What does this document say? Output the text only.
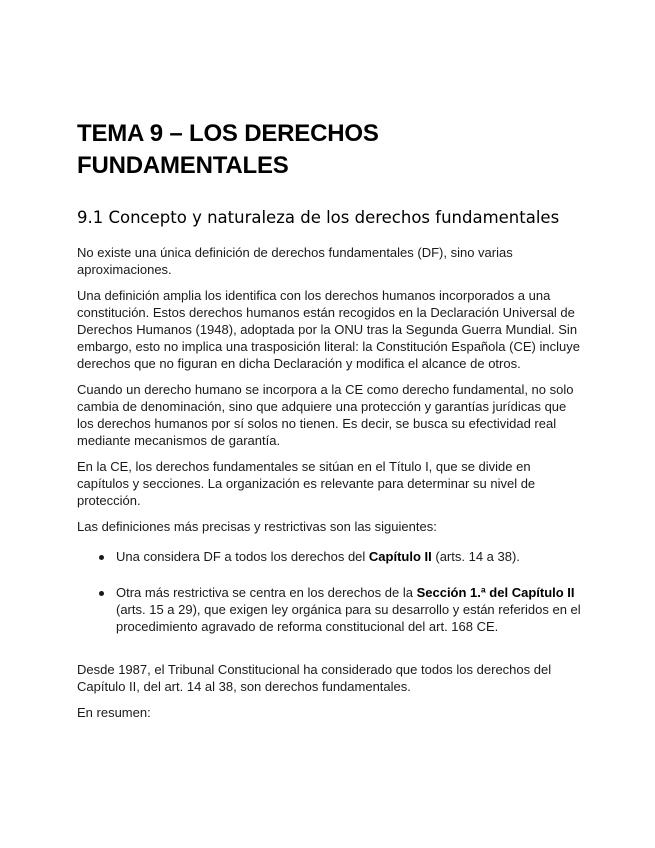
TEMA 9 – LOS DERECHOS FUNDAMENTALES
9.1 Concepto y naturaleza de los derechos fundamentales

No existe una única definición de derechos fundamentales (DF), sino varias aproximaciones.

Una definición amplia los identifica con los derechos humanos incorporados a una constitución. Estos derechos humanos están recogidos en la Declaración Universal de Derechos Humanos (1948), adoptada por la ONU tras la Segunda Guerra Mundial. Sin embargo, esto no implica una trasposición literal: la Constitución Española (CE) incluye derechos que no figuran en dicha Declaración y modifica el alcance de otros.

Cuando un derecho humano se incorpora a la CE como derecho fundamental, no solo cambia de denominación, sino que adquiere una protección y garantías jurídicas que los derechos humanos por sí solos no tienen. Es decir, se busca su efectividad real mediante mecanismos de garantía.

En la CE, los derechos fundamentales se sitúan en el Título I, que se divide en capítulos y secciones. La organización es relevante para determinar su nivel de protección.

Las definiciones más precisas y restrictivas son las siguientes:

Una considera DF a todos los derechos del Capítulo II (arts. 14 a 38).
Otra más restrictiva se centra en los derechos de la Sección 1.ª del Capítulo II (arts. 15 a 29), que exigen ley orgánica para su desarrollo y están referidos en el procedimiento agravado de reforma constitucional del art. 168 CE.

Desde 1987, el Tribunal Constitucional ha considerado que todos los derechos del Capítulo II, del art. 14 al 38, son derechos fundamentales.

En resumen:
